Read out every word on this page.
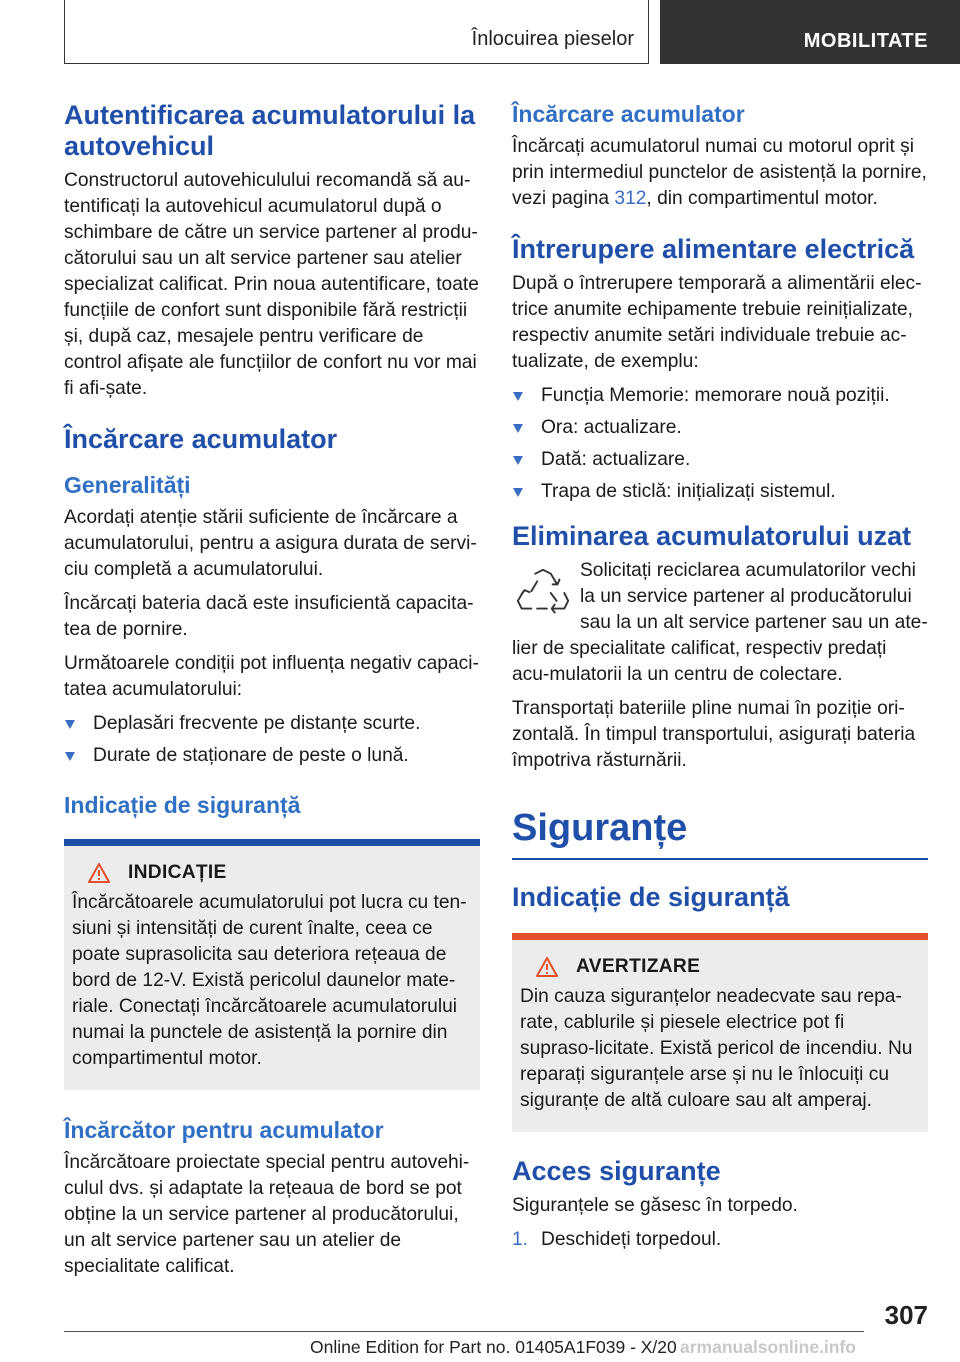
Înlocuirea pieselor	MOBILITATE
Autentificarea acumulatorului la autovehicul

Constructorul autovehiculului recomandă să au-tentificați la autovehicul acumulatorul după o schimbare de către un service partener al produ-cătorului sau un alt service partener sau atelier specializat calificat. Prin noua autentificare, toate funcțiile de confort sunt disponibile fără restricții și, după caz, mesajele pentru verificare de control afișate ale funcțiilor de confort nu vor mai fi afi-șate.

Încărcare acumulator
Generalități

Acordați atenție stării suficiente de încărcare a acumulatorului, pentru a asigura durata de servi-ciu completă a acumulatorului.

Încărcați bateria dacă este insuficientă capacita-tea de pornire.

Următoarele condiții pot influența negativ capaci-tatea acumulatorului:

Deplasări frecvente pe distanțe scurte.
Durate de staționare de peste o lună.
Indicație de siguranță
INDICAȚIE

Încărcătoarele acumulatorului pot lucra cu ten-siuni și intensități de curent înalte, ceea ce poate suprasolicita sau deteriora rețeaua de bord de 12-V. Există pericolul daunelor mate-riale. Conectați încărcătoarele acumulatorului numai la punctele de asistență la pornire din compartimentul motor.

Încărcător pentru acumulator

Încărcătoare proiectate special pentru autovehi-culul dvs. și adaptate la rețeaua de bord se pot obține la un service partener al producătorului, un alt service partener sau un atelier de specialitate calificat.

Încărcare acumulator

Încărcați acumulatorul numai cu motorul oprit și prin intermediul punctelor de asistență la pornire, vezi pagina 312, din compartimentul motor.

Întrerupere alimentare electrică

După o întrerupere temporară a alimentării elec-trice anumite echipamente trebuie reinițializate, respectiv anumite setări individuale trebuie ac-tualizate, de exemplu:

Funcția Memorie: memorare nouă poziții.
Ora: actualizare.
Dată: actualizare.
Trapa de sticlă: inițializați sistemul.
Eliminarea acumulatorului uzat

Solicitați reciclarea acumulatorilor vechi la un service partener al producătorului sau la un alt service partener sau un ate-lier de specialitate calificat, respectiv predați acu-mulatorii la un centru de colectare.

Transportați bateriile pline numai în poziție ori-zontală. În timpul transportului, asigurați bateria împotriva răsturnării.

Siguranțe
Indicație de siguranță
AVERTIZARE

Din cauza siguranțelor neadecvate sau repa-rate, cablurile și piesele electrice pot fi supraso-licitate. Există pericol de incendiu. Nu reparați siguranțele arse și nu le înlocuiți cu siguranțe de altă culoare sau alt amperaj.

Acces siguranțe

Siguranțele se găsesc în torpedo.

1. Deschideți torpedoul.
307
Online Edition for Part no. 01405A1F039 - X/20 armanualsonline.info
